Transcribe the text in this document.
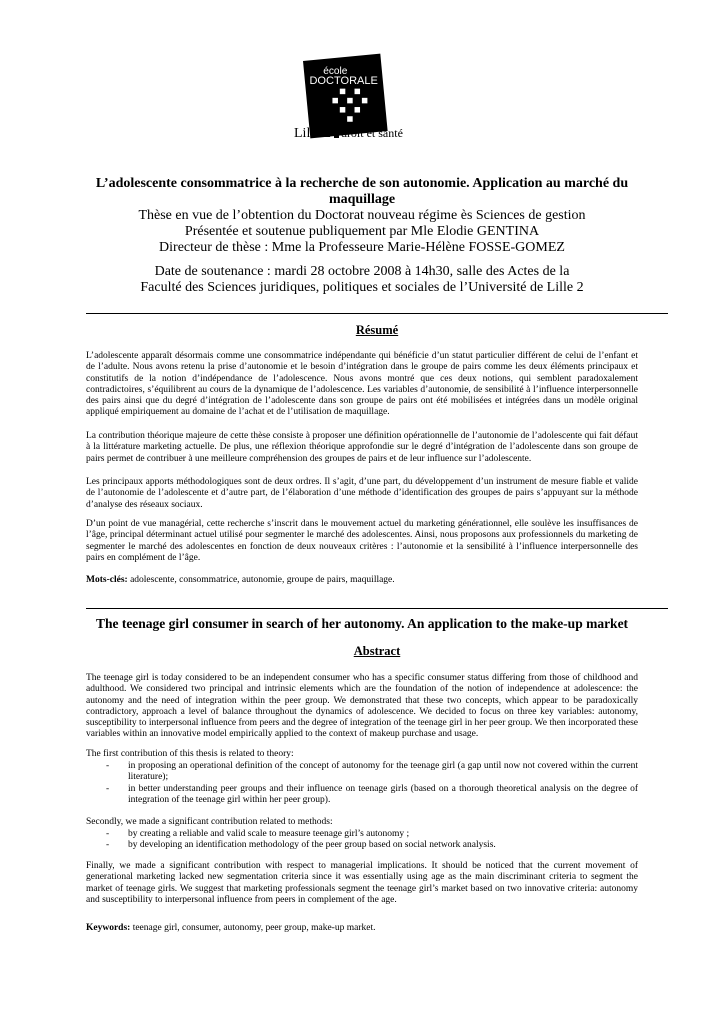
école
DOCTORALE
Lille 2 droit et santé
L’adolescente consommatrice à la recherche de son autonomie. Application au marché du
maquillage
Thèse en vue de l’obtention du Doctorat nouveau régime ès Sciences de gestion
Présentée et soutenue publiquement par Mle Elodie GENTINA
Directeur de thèse : Mme la Professeure Marie-Hélène FOSSE-GOMEZ
Date de soutenance : mardi 28 octobre 2008 à 14h30, salle des Actes de la
Faculté des Sciences juridiques, politiques et sociales de l’Université de Lille 2
Résumé

L’adolescente apparaît désormais comme une consommatrice indépendante qui bénéficie d’un statut particulier différent de celui de l’enfant et de l’adulte. Nous avons retenu la prise d’autonomie et le besoin d’intégration dans le groupe de pairs comme les deux éléments principaux et constitutifs de la notion d’indépendance de l’adolescence. Nous avons montré que ces deux notions, qui semblent paradoxalement contradictoires, s’équilibrent au cours de la dynamique de l’adolescence. Les variables d’autonomie, de sensibilité à l’influence interpersonnelle des pairs ainsi que du degré d’intégration de l’adolescente dans son groupe de pairs ont été mobilisées et intégrées dans un modèle original appliqué empiriquement au domaine de l’achat et de l’utilisation de maquillage.

La contribution théorique majeure de cette thèse consiste à proposer une définition opérationnelle de l’autonomie de l’adolescente qui fait défaut à la littérature marketing actuelle. De plus, une réflexion théorique approfondie sur le degré d’intégration de l’adolescente dans son groupe de pairs permet de contribuer à une meilleure compréhension des groupes de pairs et de leur influence sur l’adolescente.

Les principaux apports méthodologiques sont de deux ordres. Il s’agit, d’une part, du développement d’un instrument de mesure fiable et valide de l’autonomie de l’adolescente et d’autre part, de l’élaboration d’une méthode d’identification des groupes de pairs s’appuyant sur la méthode d’analyse des réseaux sociaux.

D’un point de vue managérial, cette recherche s’inscrit dans le mouvement actuel du marketing générationnel, elle soulève les insuffisances de l’âge, principal déterminant actuel utilisé pour segmenter le marché des adolescentes. Ainsi, nous proposons aux professionnels du marketing de segmenter le marché des adolescentes en fonction de deux nouveaux critères : l’autonomie et la sensibilité à l’influence interpersonnelle des pairs en complément de l’âge.

Mots-clés: adolescente, consommatrice, autonomie, groupe de pairs, maquillage.

The teenage girl consumer in search of her autonomy. An application to the make-up market
Abstract

The teenage girl is today considered to be an independent consumer who has a specific consumer status differing from those of childhood and adulthood. We considered two principal and intrinsic elements which are the foundation of the notion of independence at adolescence: the autonomy and the need of integration within the peer group. We demonstrated that these two concepts, which appear to be paradoxically contradictory, approach a level of balance throughout the dynamics of adolescence. We decided to focus on three key variables: autonomy, susceptibility to interpersonal influence from peers and the degree of integration of the teenage girl in her peer group. We then incorporated these variables within an innovative model empirically applied to the context of makeup purchase and usage.

The first contribution of this thesis is related to theory:

- in proposing an operational definition of the concept of autonomy for the teenage girl (a gap until now not covered within the current literature);
- in better understanding peer groups and their influence on teenage girls (based on a thorough theoretical analysis on the degree of integration of the teenage girl within her peer group).

Secondly, we made a significant contribution related to methods:

- by creating a reliable and valid scale to measure teenage girl’s autonomy ;
- by developing an identification methodology of the peer group based on social network analysis.

Finally, we made a significant contribution with respect to managerial implications. It should be noticed that the current movement of generational marketing lacked new segmentation criteria since it was essentially using age as the main discriminant criteria to segment the market of teenage girls. We suggest that marketing professionals segment the teenage girl’s market based on two innovative criteria: autonomy and susceptibility to interpersonal influence from peers in complement of the age.

Keywords: teenage girl, consumer, autonomy, peer group, make-up market.
